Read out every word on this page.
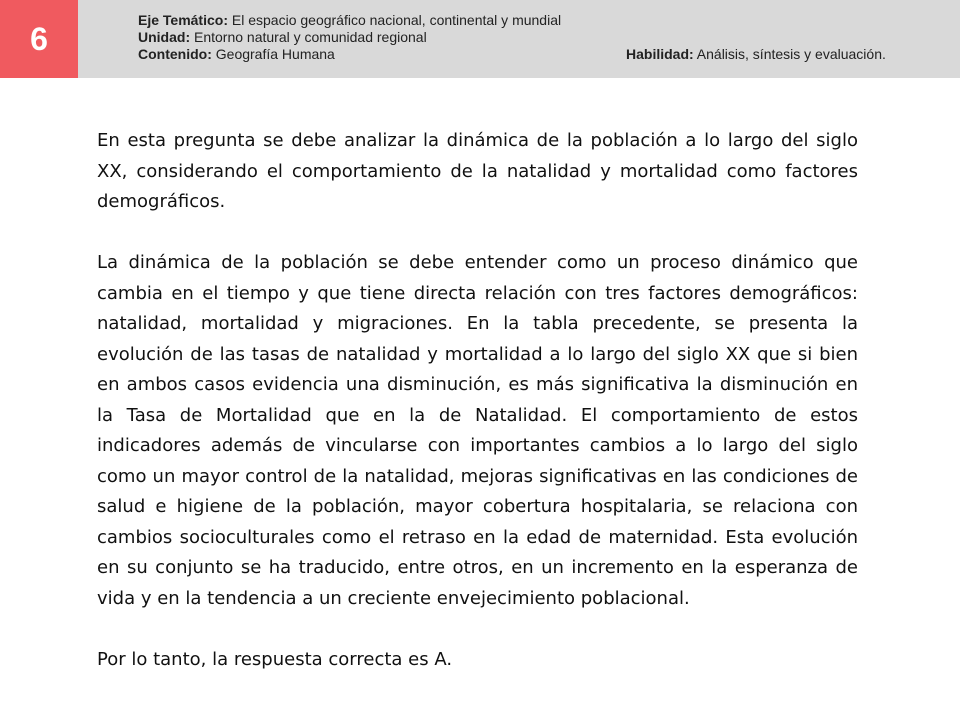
6
Eje Temático: El espacio geográfico nacional, continental y mundial
Unidad: Entorno natural y comunidad regional
Contenido: Geografía Humana	Habilidad: Análisis, síntesis y evaluación.

En esta pregunta se debe analizar la dinámica de la población a lo largo del siglo XX, considerando el comportamiento de la natalidad y mortalidad como factores demográficos.

La dinámica de la población se debe entender como un proceso dinámico que cambia en el tiempo y que tiene directa relación con tres factores demográficos: natalidad, mortalidad y migraciones. En la tabla precedente, se presenta la evolución de las tasas de natalidad y mortalidad a lo largo del siglo XX que si bien en ambos casos evidencia una disminución, es más significativa la disminución en la Tasa de Mortalidad que en la de Natalidad. El comportamiento de estos indicadores además de vincularse con importantes cambios a lo largo del siglo como un mayor control de la natalidad, mejoras significativas en las condiciones de salud e higiene de la población, mayor cobertura hospitalaria, se relaciona con cambios socioculturales como el retraso en la edad de maternidad. Esta evolución en su conjunto se ha traducido, entre otros, en un incremento en la esperanza de vida y en la tendencia a un creciente envejecimiento poblacional.

Por lo tanto, la respuesta correcta es A.
